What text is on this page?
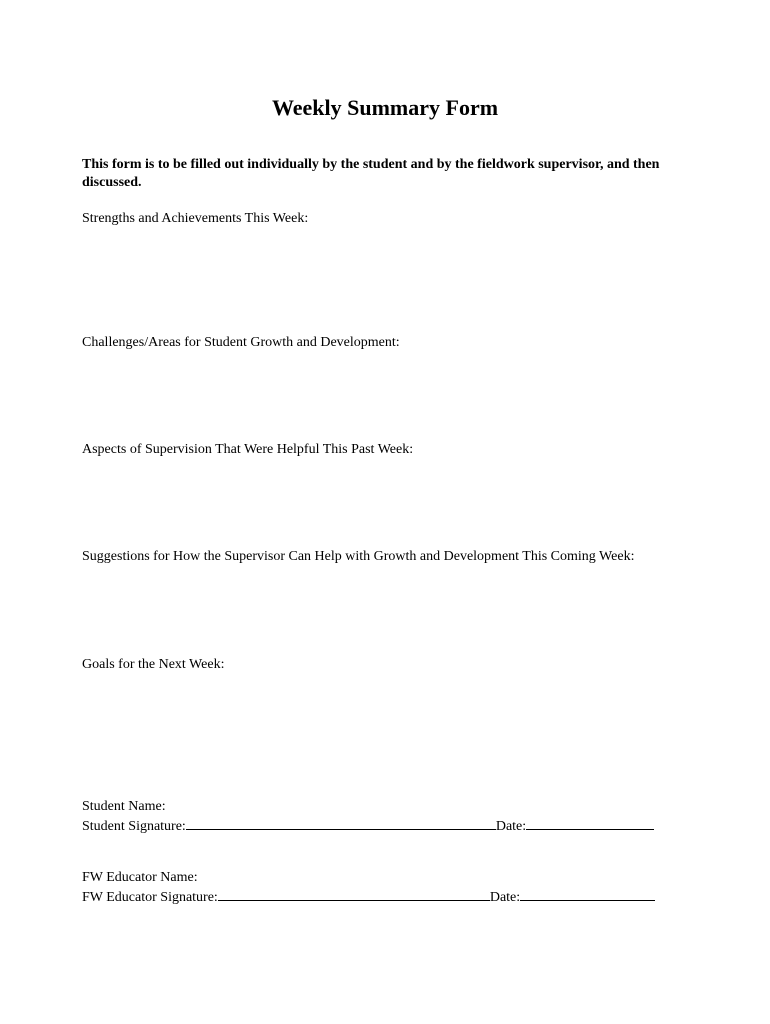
Weekly Summary Form
This form is to be filled out individually by the student and by the fieldwork supervisor, and then discussed.
Strengths and Achievements This Week:
Challenges/Areas for Student Growth and Development:
Aspects of Supervision That Were Helpful This Past Week:
Suggestions for How the Supervisor Can Help with Growth and Development This Coming Week:
Goals for the Next Week:
Student Name:
Student Signature:	Date:
FW Educator Name:
FW Educator Signature:	Date:
